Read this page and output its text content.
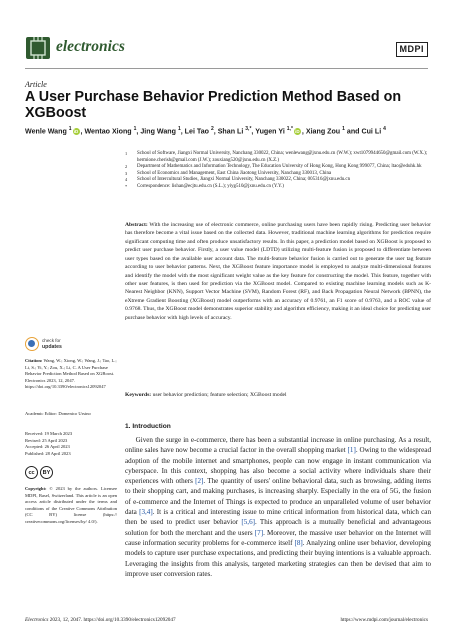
electronics	MDPI
Article
A User Purchase Behavior Prediction Method Based on XGBoost
Wenle Wang $^1$ iD , Wentao Xiong $^1$, Jing Wang $^1$, Lei Tao $^2$, Shan Li $^{3,*}$, Yugen Yi $^{1,*}$ iD , Xiang Zou $^1$ and Cui Li $^4$
1	School of Software, Jiangxi Normal University, Nanchang 330022, China; wenlewang@jxnu.edu.cn (W.W.); xwt1079944650@gmail.com (W.X.); hermione.cherish@gmail.com (J.W.); zouxiang520@jxnu.edu.cn (X.Z.)
2	Department of Mathematics and Information Technology, The Education University of Hong Kong, Hong Kong 999077, China; ltao@eduhk.hk
3	School of Economics and Management, East China Jiaotong University, Nanchang 330013, China
4	School of Intercultural Studies, Jiangxi Normal University, Nanchang 330022, China; 005316@jxnu.edu.cn
*	Correspondence: lishan@ecjtu.edu.cn (S.L.); yiyg510@jxnu.edu.cn (Y.Y.)
Abstract: With the increasing use of electronic commerce, online purchasing users have been rapidly rising. Predicting user behavior has therefore become a vital issue based on the collected data. However, traditional machine learning algorithms for prediction require significant computing time and often produce unsatisfactory results. In this paper, a prediction model based on XGBoost is proposed to predict user purchase behavior. Firstly, a user value model (LDTD) utilizing multi-feature fusion is proposed to differentiate between user types based on the available user account data. The multi-feature behavior fusion is carried out to generate the user tag feature according to user behavior patterns. Next, the XGBoost feature importance model is employed to analyze multi-dimensional features and identify the model with the most significant weight value as the key feature for constructing the model. This feature, together with other user features, is then used for prediction via the XGBoost model. Compared to existing machine learning models such as K-Nearest Neighbor (KNN), Support Vector Machine (SVM), Random Forest (RF), and Back Propagation Neural Network (BPNN), the eXtreme Gradient Boosting (XGBoost) model outperforms with an accuracy of 0.9761, an F1 score of 0.9763, and a ROC value of 0.9768. Thus, the XGBoost model demonstrates superior stability and algorithm efficiency, making it an ideal choice for predicting user purchase behavior with high levels of accuracy.
Keywords: user behavior prediction; feature selection; XGBoost model
1. Introduction
  Given the surge in e-commerce, there has been a substantial increase in online purchasing. As a result, online sales have now become a crucial factor in the overall shopping market [1]. Owing to the widespread adoption of the mobile internet and smartphones, people can now engage in instant communication via cyberspace. In this context, shopping has also become a social activity where individuals share their experiences with others [2]. The quantity of users' online behavioral data, such as browsing, adding items to their shopping cart, and making purchases, is increasing sharply. Especially in the era of 5G, the fusion of e-commerce and the Internet of Things is expected to produce an unparalleled volume of user behavior data [3,4]. It is a critical and interesting issue to mine critical information from historical data, which can then be used to predict user behavior [5,6]. This approach is a mutually beneficial and advantageous solution for both the merchant and the users [7]. Moreover, the massive user behavior on the Internet will cause information security problems for e-commerce itself [8]. Analyzing online user behavior, developing models to capture user purchase expectations, and predicting their buying intentions is a valuable approach. Leveraging the insights from this analysis, targeted marketing strategies can then be devised that aim to improve user conversion rates.
check for
updates
Citation: Wang, W.; Xiong, W.; Wang, J.; Tao, L.; Li, S.; Yi, Y.; Zou, X.; Li, C. A User Purchase Behavior Prediction Method Based on XGBoost. Electronics 2023, 12, 2047. https://doi.org/10.3390/electronics12092047
Academic Editor: Domenico Ursino
Received: 19 March 2023
Revised: 25 April 2023
Accepted: 26 April 2023
Published: 28 April 2023
cc	BY
Copyright: © 2023 by the authors. Licensee MDPI, Basel, Switzerland. This article is an open access article distributed under the terms and conditions of the Creative Commons Attribution (CC BY) license (https:// creativecommons.org/licenses/by/ 4.0/).
Electronics 2023, 12, 2047. https://doi.org/10.3390/electronics12092047	https://www.mdpi.com/journal/electronics
